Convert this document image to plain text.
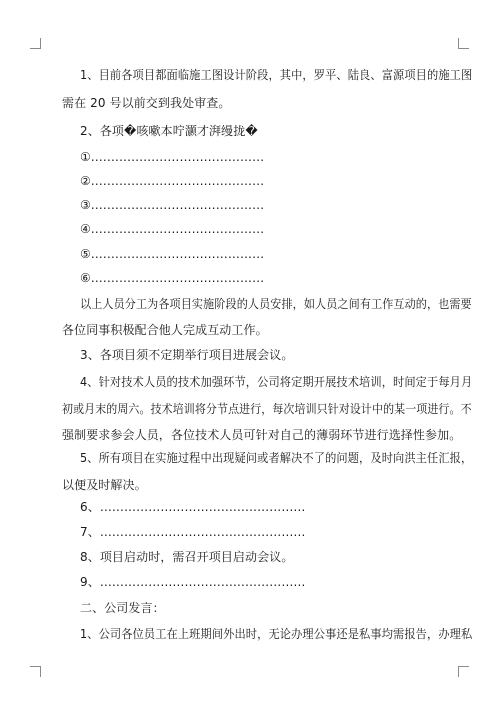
1、目前各项目都面临施工图设计阶段，其中，罗平、陆良、富源项目的施工图
需在 20 号以前交到我处审查。
2、各项�咳嗽本咛灏才湃缦拢�
①.……………………………………
②.……………………………………
③.……………………………………
④.……………………………………
⑤.……………………………………
⑥.……………………………………
以上人员分工为各项目实施阶段的人员安排，如人员之间有工作互动的，也需要
各位同事积极配合他人完成互动工作。
3、各项目须不定期举行项目进展会议。
4、针对技术人员的技术加强环节，公司将定期开展技术培训，时间定于每月月
初或月末的周六。技术培训将分节点进行，每次培训只针对设计中的某一项进行。不
强制要求参会人员，各位技术人员可针对自己的薄弱环节进行选择性参加。
5、所有项目在实施过程中出现疑问或者解决不了的问题，及时向洪主任汇报，
以便及时解决。
6、……………………………………………
7、……………………………………………
8、项目启动时，需召开项目启动会议。
9、……………………………………………
二、公司发言：
1、公司各位员工在上班期间外出时，无论办理公事还是私事均需报告，办理私
